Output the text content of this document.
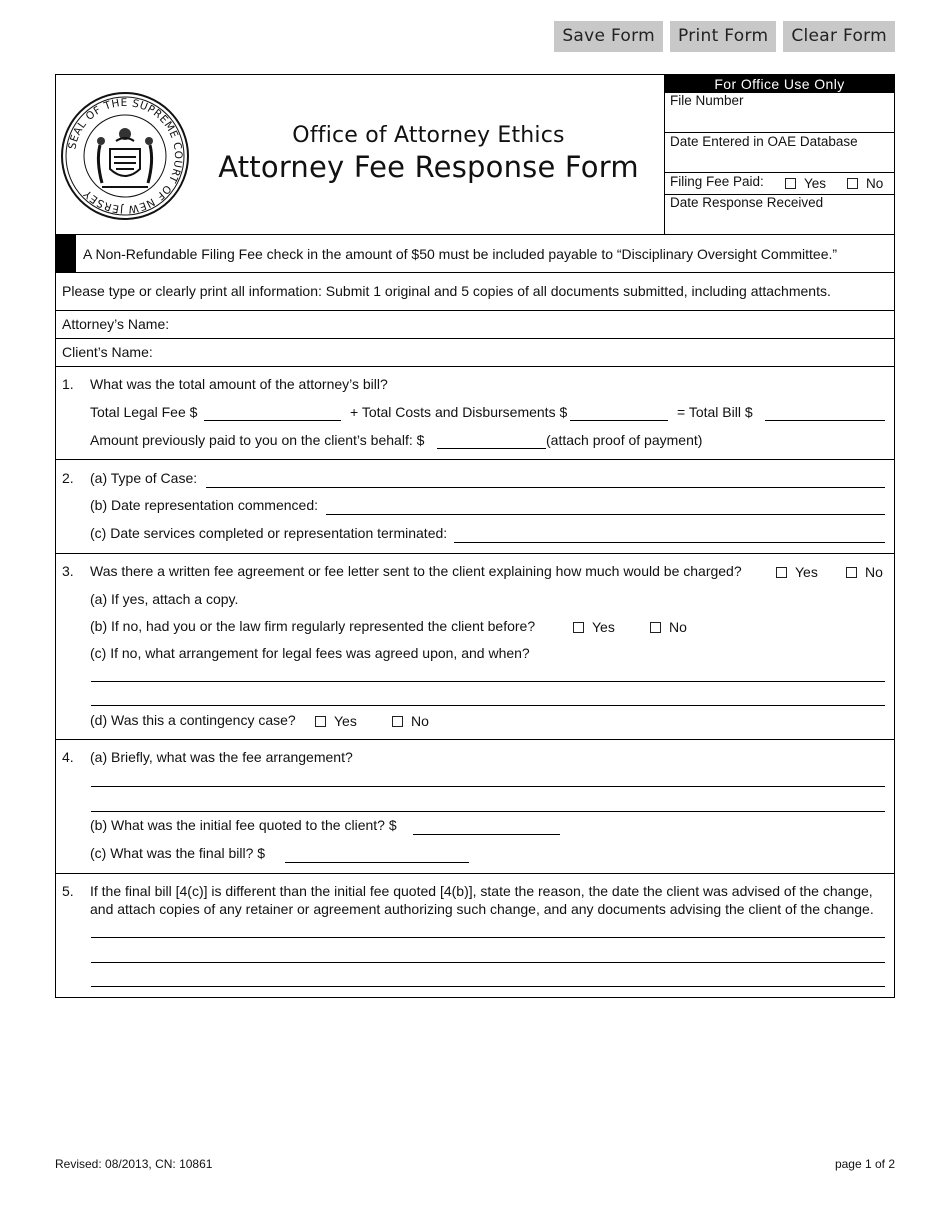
Save Form	Print Form	Clear Form
SEAL OF THE SUPREME COURT OF NEW JERSEY
Office of Attorney Ethics
Attorney Fee Response Form
For Office Use Only
File Number
Date Entered in OAE Database
Filing Fee Paid:	Yes	No
Date Response Received
A Non-Refundable Filing Fee check in the amount of $50 must be included payable to “Disciplinary Oversight Committee.”
Please type or clearly print all information: Submit 1 original and 5 copies of all documents submitted, including attachments.
Attorney’s Name:
Client’s Name:
1. What was the total amount of the attorney’s bill?
Total Legal Fee $	+ Total Costs and Disbursements $	= Total Bill $
Amount previously paid to you on the client’s behalf: $	(attach proof of payment)
2. (a) Type of Case:
(b) Date representation commenced:
(c) Date services completed or representation terminated:
3. Was there a written fee agreement or fee letter sent to the client explaining how much would be charged?	Yes	No
(a) If yes, attach a copy.
(b) If no, had you or the law firm regularly represented the client before?	Yes	No
(c) If no, what arrangement for legal fees was agreed upon, and when?
(d) Was this a contingency case?	Yes	No
4. (a) Briefly, what was the fee arrangement?
(b) What was the initial fee quoted to the client? $
(c) What was the final bill? $
5. If the final bill [4(c)] is different than the initial fee quoted [4(b)], state the reason, the date the client was advised of the change,
and attach copies of any retainer or agreement authorizing such change, and any documents advising the client of the change.
Revised: 08/2013, CN: 10861	page 1 of 2
